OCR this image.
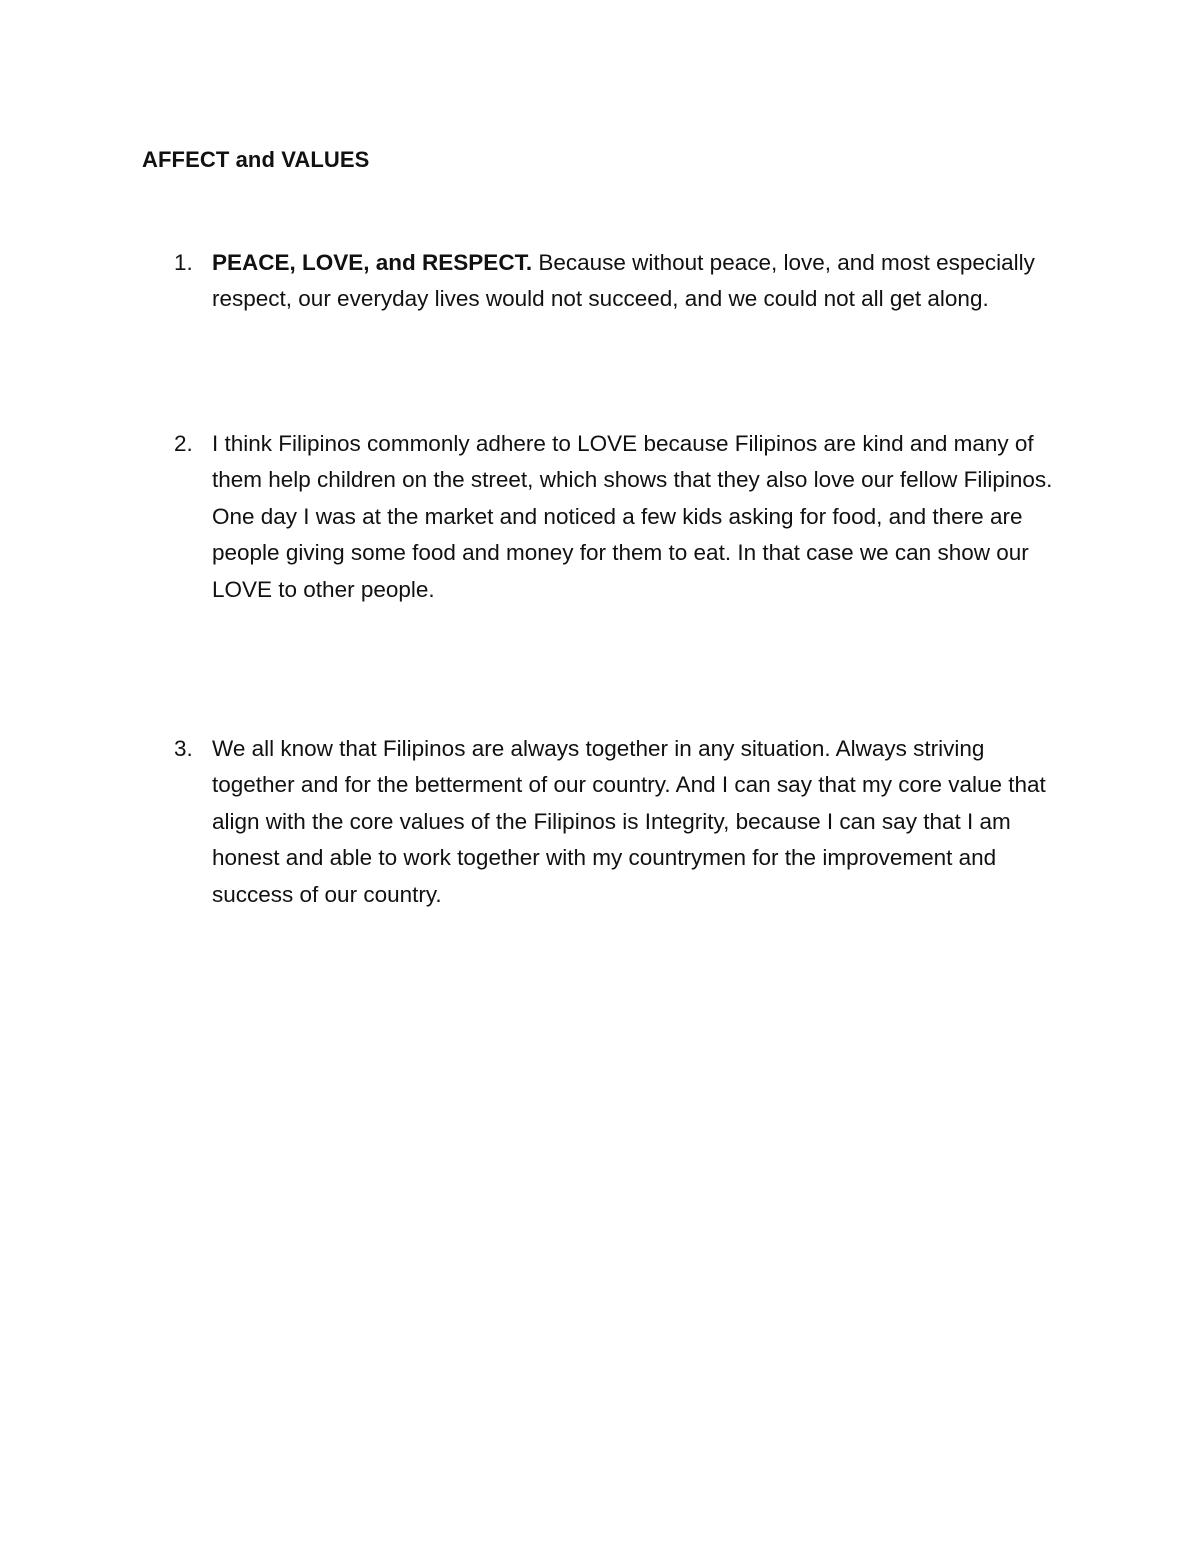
AFFECT and VALUES
1. PEACE, LOVE, and RESPECT. Because without peace, love, and most especially respect, our everyday lives would not succeed, and we could not all get along.

2. I think Filipinos commonly adhere to LOVE because Filipinos are kind and many of them help children on the street, which shows that they also love our fellow Filipinos. One day I was at the market and noticed a few kids asking for food, and there are people giving some food and money for them to eat. In that case we can show our LOVE to other people.

3. We all know that Filipinos are always together in any situation. Always striving together and for the betterment of our country. And I can say that my core value that align with the core values of the Filipinos is Integrity, because I can say that I am honest and able to work together with my countrymen for the improvement and success of our country.
